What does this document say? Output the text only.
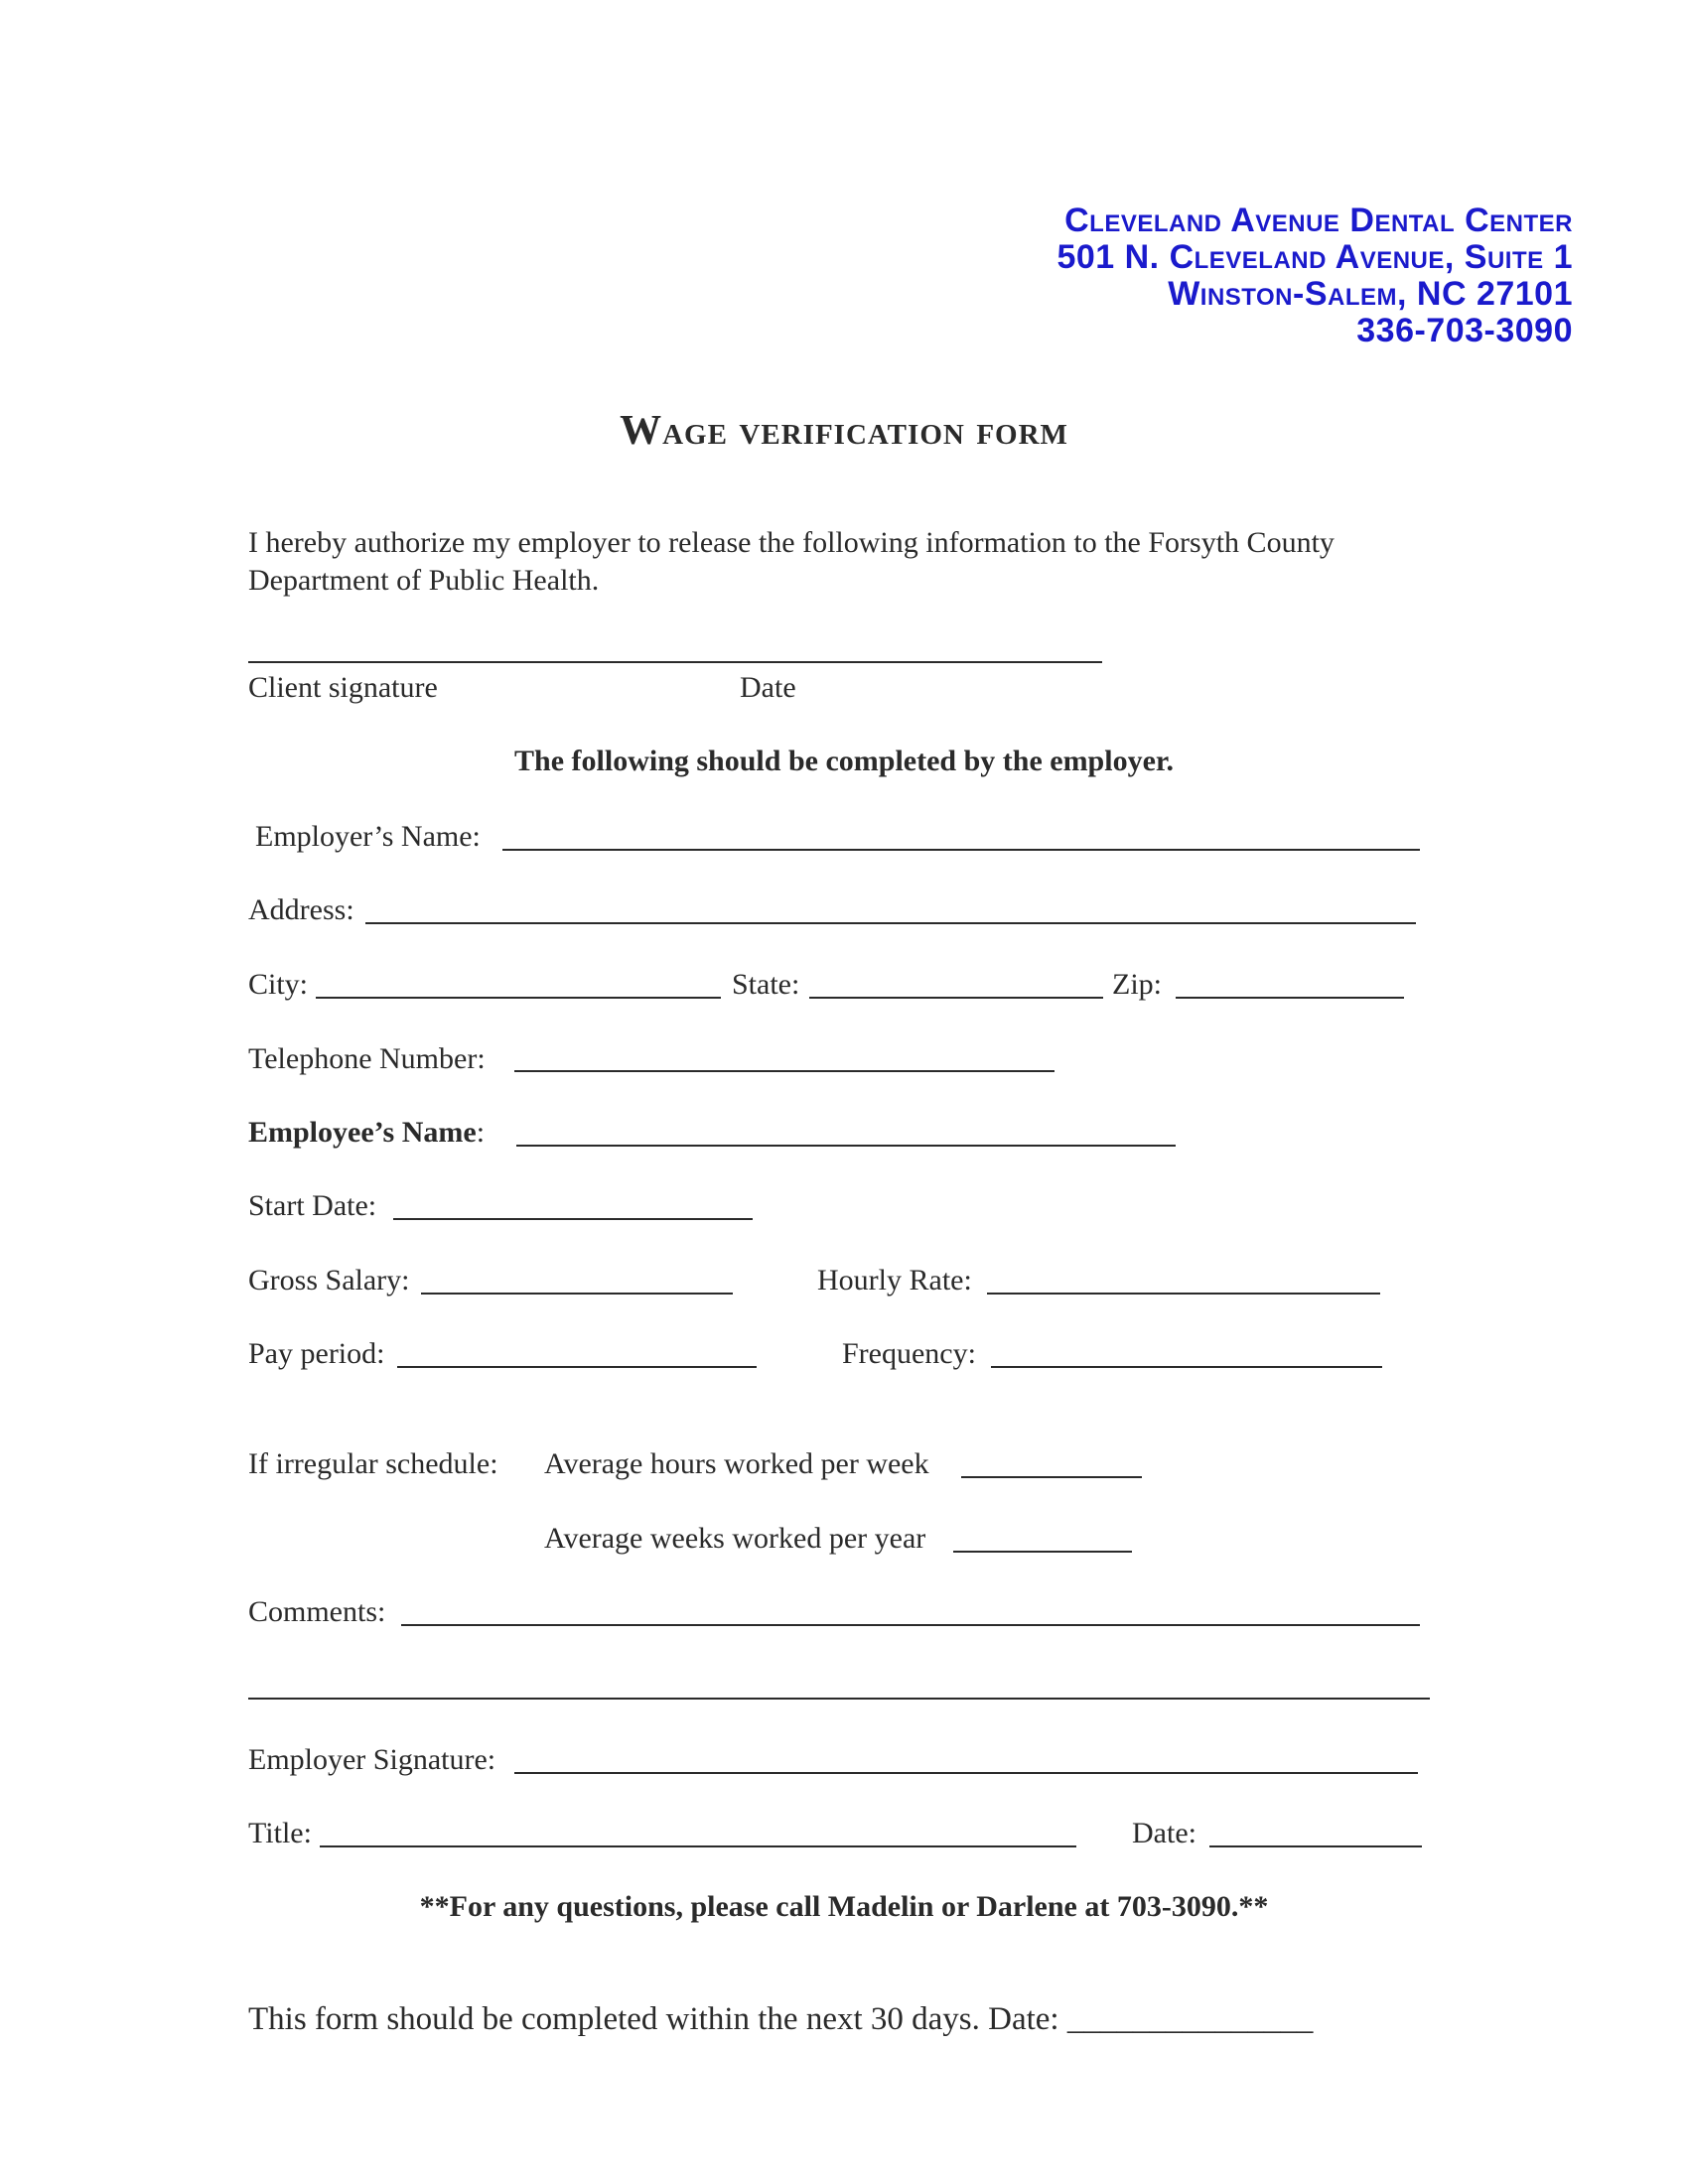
Cleveland Avenue Dental Center
501 N. Cleveland Avenue, Suite 1
Winston-Salem, NC 27101
336-703-3090
Wage verification form
I hereby authorize my employer to release the following information to the Forsyth County Department of Public Health.
Client signature	Date
The following should be completed by the employer.
Employer’s Name:
Address:
City:	State:	Zip:
Telephone Number:
Employee’s Name:
Start Date:
Gross Salary:	Hourly Rate:
Pay period:	Frequency:
If irregular schedule: Average hours worked per week
Average weeks worked per year
Comments:
Employer Signature:
Title:	Date:
**For any questions, please call Madelin or Darlene at 703-3090.**
This form should be completed within the next 30 days. Date: _______________
